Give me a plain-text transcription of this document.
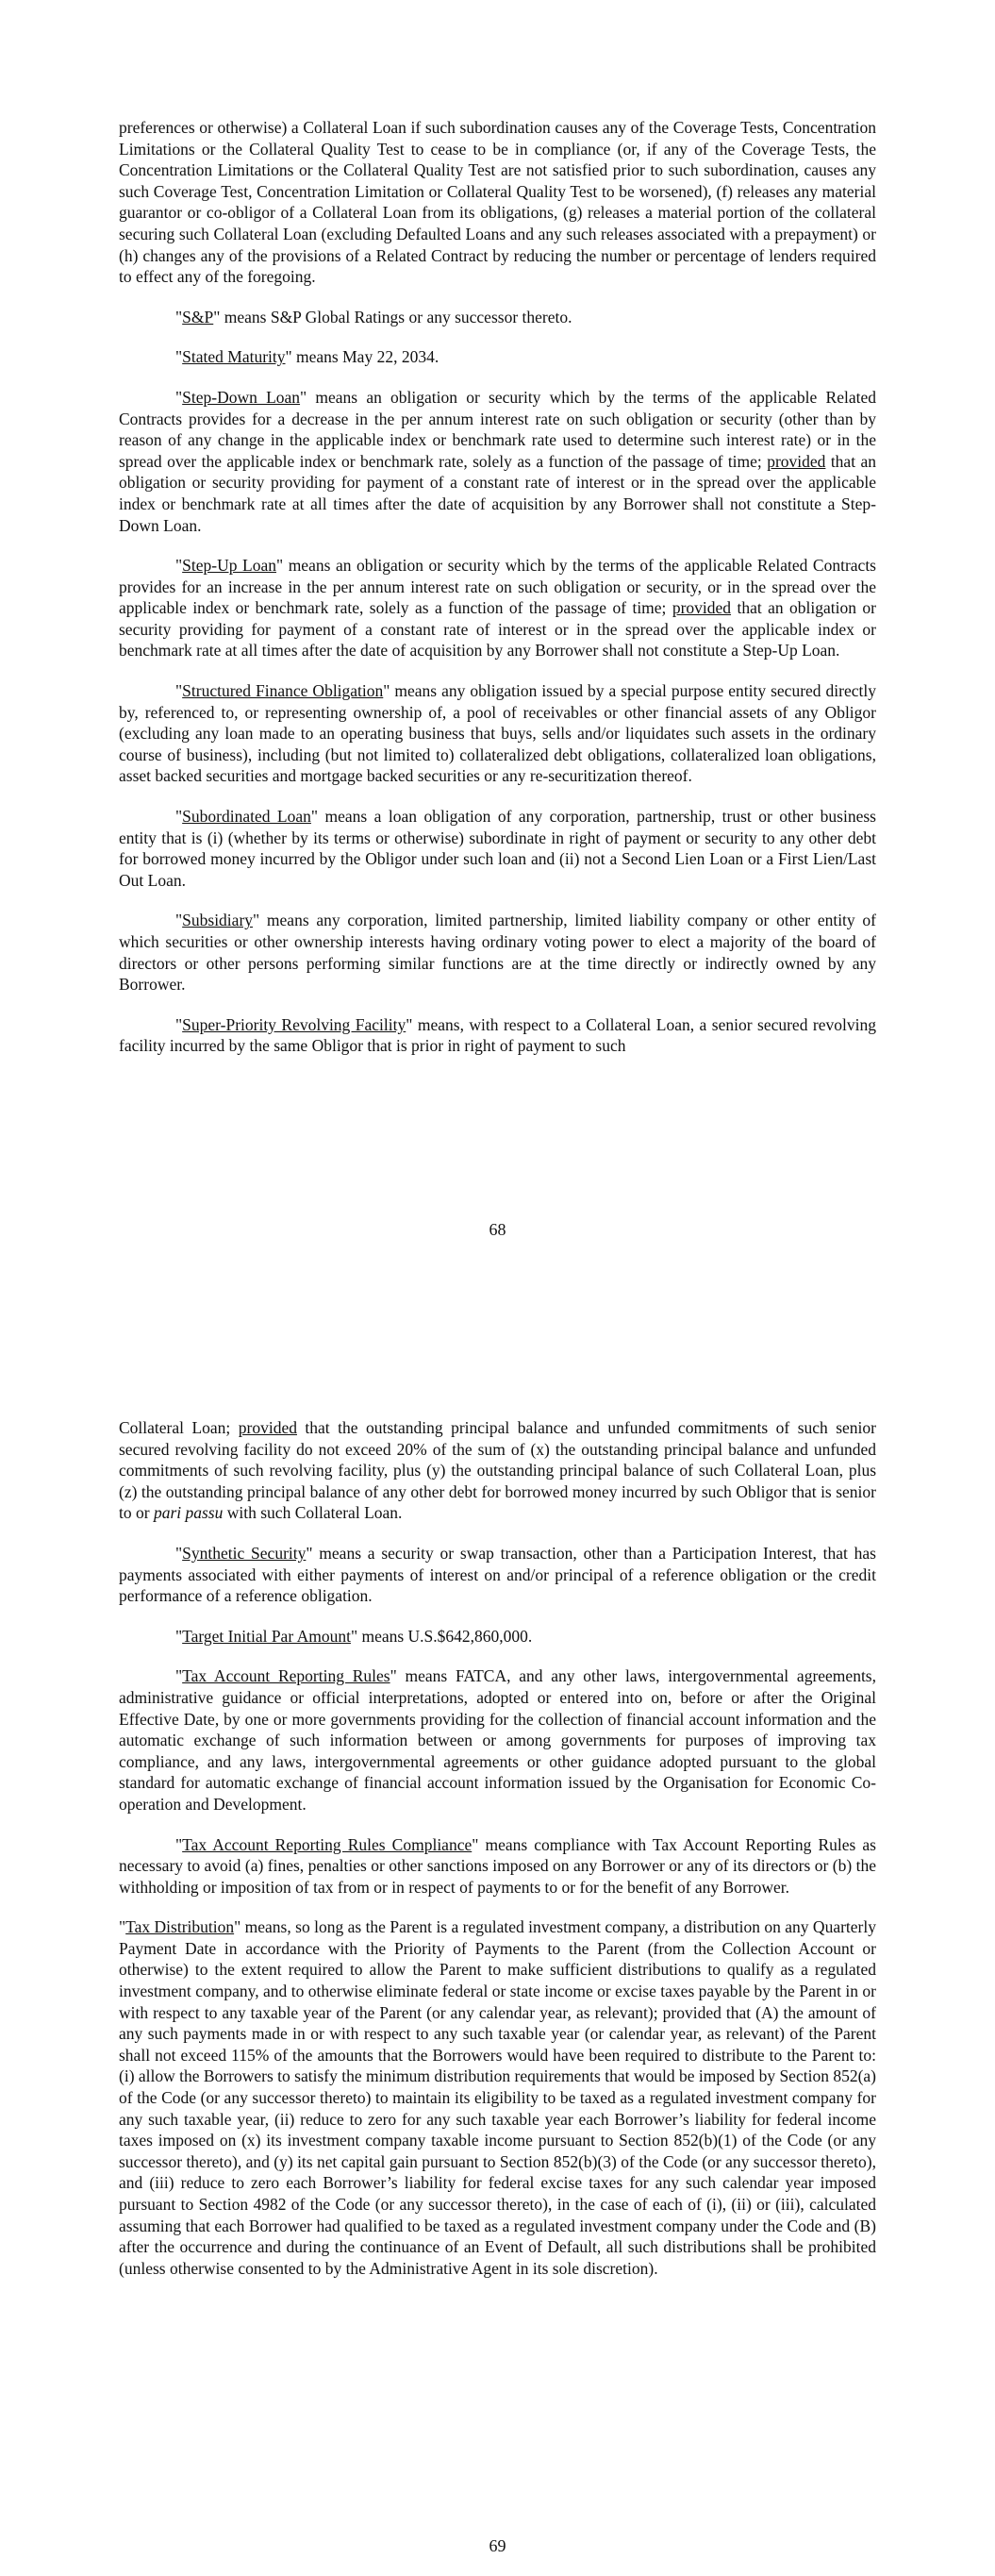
preferences or otherwise) a Collateral Loan if such subordination causes any of the Coverage Tests, Concentration Limitations or the Collateral Quality Test to cease to be in compliance (or, if any of the Coverage Tests, the Concentration Limitations or the Collateral Quality Test are not satisfied prior to such subordination, causes any such Coverage Test, Concentration Limitation or Collateral Quality Test to be worsened), (f) releases any material guarantor or co-obligor of a Collateral Loan from its obligations, (g) releases a material portion of the collateral securing such Collateral Loan (excluding Defaulted Loans and any such releases associated with a prepayment) or (h) changes any of the provisions of a Related Contract by reducing the number or percentage of lenders required to effect any of the foregoing.

"S&P" means S&P Global Ratings or any successor thereto.

"Stated Maturity" means May 22, 2034.

"Step-Down Loan" means an obligation or security which by the terms of the applicable Related Contracts provides for a decrease in the per annum interest rate on such obligation or security (other than by reason of any change in the applicable index or benchmark rate used to determine such interest rate) or in the spread over the applicable index or benchmark rate, solely as a function of the passage of time; provided that an obligation or security providing for payment of a constant rate of interest or in the spread over the applicable index or benchmark rate at all times after the date of acquisition by any Borrower shall not constitute a Step-Down Loan.

"Step-Up Loan" means an obligation or security which by the terms of the applicable Related Contracts provides for an increase in the per annum interest rate on such obligation or security, or in the spread over the applicable index or benchmark rate, solely as a function of the passage of time; provided that an obligation or security providing for payment of a constant rate of interest or in the spread over the applicable index or benchmark rate at all times after the date of acquisition by any Borrower shall not constitute a Step-Up Loan.

"Structured Finance Obligation" means any obligation issued by a special purpose entity secured directly by, referenced to, or representing ownership of, a pool of receivables or other financial assets of any Obligor (excluding any loan made to an operating business that buys, sells and/or liquidates such assets in the ordinary course of business), including (but not limited to) collateralized debt obligations, collateralized loan obligations, asset backed securities and mortgage backed securities or any re-securitization thereof.

"Subordinated Loan" means a loan obligation of any corporation, partnership, trust or other business entity that is (i) (whether by its terms or otherwise) subordinate in right of payment or security to any other debt for borrowed money incurred by the Obligor under such loan and (ii) not a Second Lien Loan or a First Lien/Last Out Loan.

"Subsidiary" means any corporation, limited partnership, limited liability company or other entity of which securities or other ownership interests having ordinary voting power to elect a majority of the board of directors or other persons performing similar functions are at the time directly or indirectly owned by any Borrower.

"Super-Priority Revolving Facility" means, with respect to a Collateral Loan, a senior secured revolving facility incurred by the same Obligor that is prior in right of payment to such

68

Collateral Loan; provided that the outstanding principal balance and unfunded commitments of such senior secured revolving facility do not exceed 20% of the sum of (x) the outstanding principal balance and unfunded commitments of such revolving facility, plus (y) the outstanding principal balance of such Collateral Loan, plus (z) the outstanding principal balance of any other debt for borrowed money incurred by such Obligor that is senior to or pari passu with such Collateral Loan.

"Synthetic Security" means a security or swap transaction, other than a Participation Interest, that has payments associated with either payments of interest on and/or principal of a reference obligation or the credit performance of a reference obligation.

"Target Initial Par Amount" means U.S.$642,860,000.

"Tax Account Reporting Rules" means FATCA, and any other laws, intergovernmental agreements, administrative guidance or official interpretations, adopted or entered into on, before or after the Original Effective Date, by one or more governments providing for the collection of financial account information and the automatic exchange of such information between or among governments for purposes of improving tax compliance, and any laws, intergovernmental agreements or other guidance adopted pursuant to the global standard for automatic exchange of financial account information issued by the Organisation for Economic Co-operation and Development.

"Tax Account Reporting Rules Compliance" means compliance with Tax Account Reporting Rules as necessary to avoid (a) fines, penalties or other sanctions imposed on any Borrower or any of its directors or (b) the withholding or imposition of tax from or in respect of payments to or for the benefit of any Borrower.

"Tax Distribution" means, so long as the Parent is a regulated investment company, a distribution on any Quarterly Payment Date in accordance with the Priority of Payments to the Parent (from the Collection Account or otherwise) to the extent required to allow the Parent to make sufficient distributions to qualify as a regulated investment company, and to otherwise eliminate federal or state income or excise taxes payable by the Parent in or with respect to any taxable year of the Parent (or any calendar year, as relevant); provided that (A) the amount of any such payments made in or with respect to any such taxable year (or calendar year, as relevant) of the Parent shall not exceed 115% of the amounts that the Borrowers would have been required to distribute to the Parent to: (i) allow the Borrowers to satisfy the minimum distribution requirements that would be imposed by Section 852(a) of the Code (or any successor thereto) to maintain its eligibility to be taxed as a regulated investment company for any such taxable year, (ii) reduce to zero for any such taxable year each Borrower’s liability for federal income taxes imposed on (x) its investment company taxable income pursuant to Section 852(b)(1) of the Code (or any successor thereto), and (y) its net capital gain pursuant to Section 852(b)(3) of the Code (or any successor thereto), and (iii) reduce to zero each Borrower’s liability for federal excise taxes for any such calendar year imposed pursuant to Section 4982 of the Code (or any successor thereto), in the case of each of (i), (ii) or (iii), calculated assuming that each Borrower had qualified to be taxed as a regulated investment company under the Code and (B) after the occurrence and during the continuance of an Event of Default, all such distributions shall be prohibited (unless otherwise consented to by the Administrative Agent in its sole discretion).

69
